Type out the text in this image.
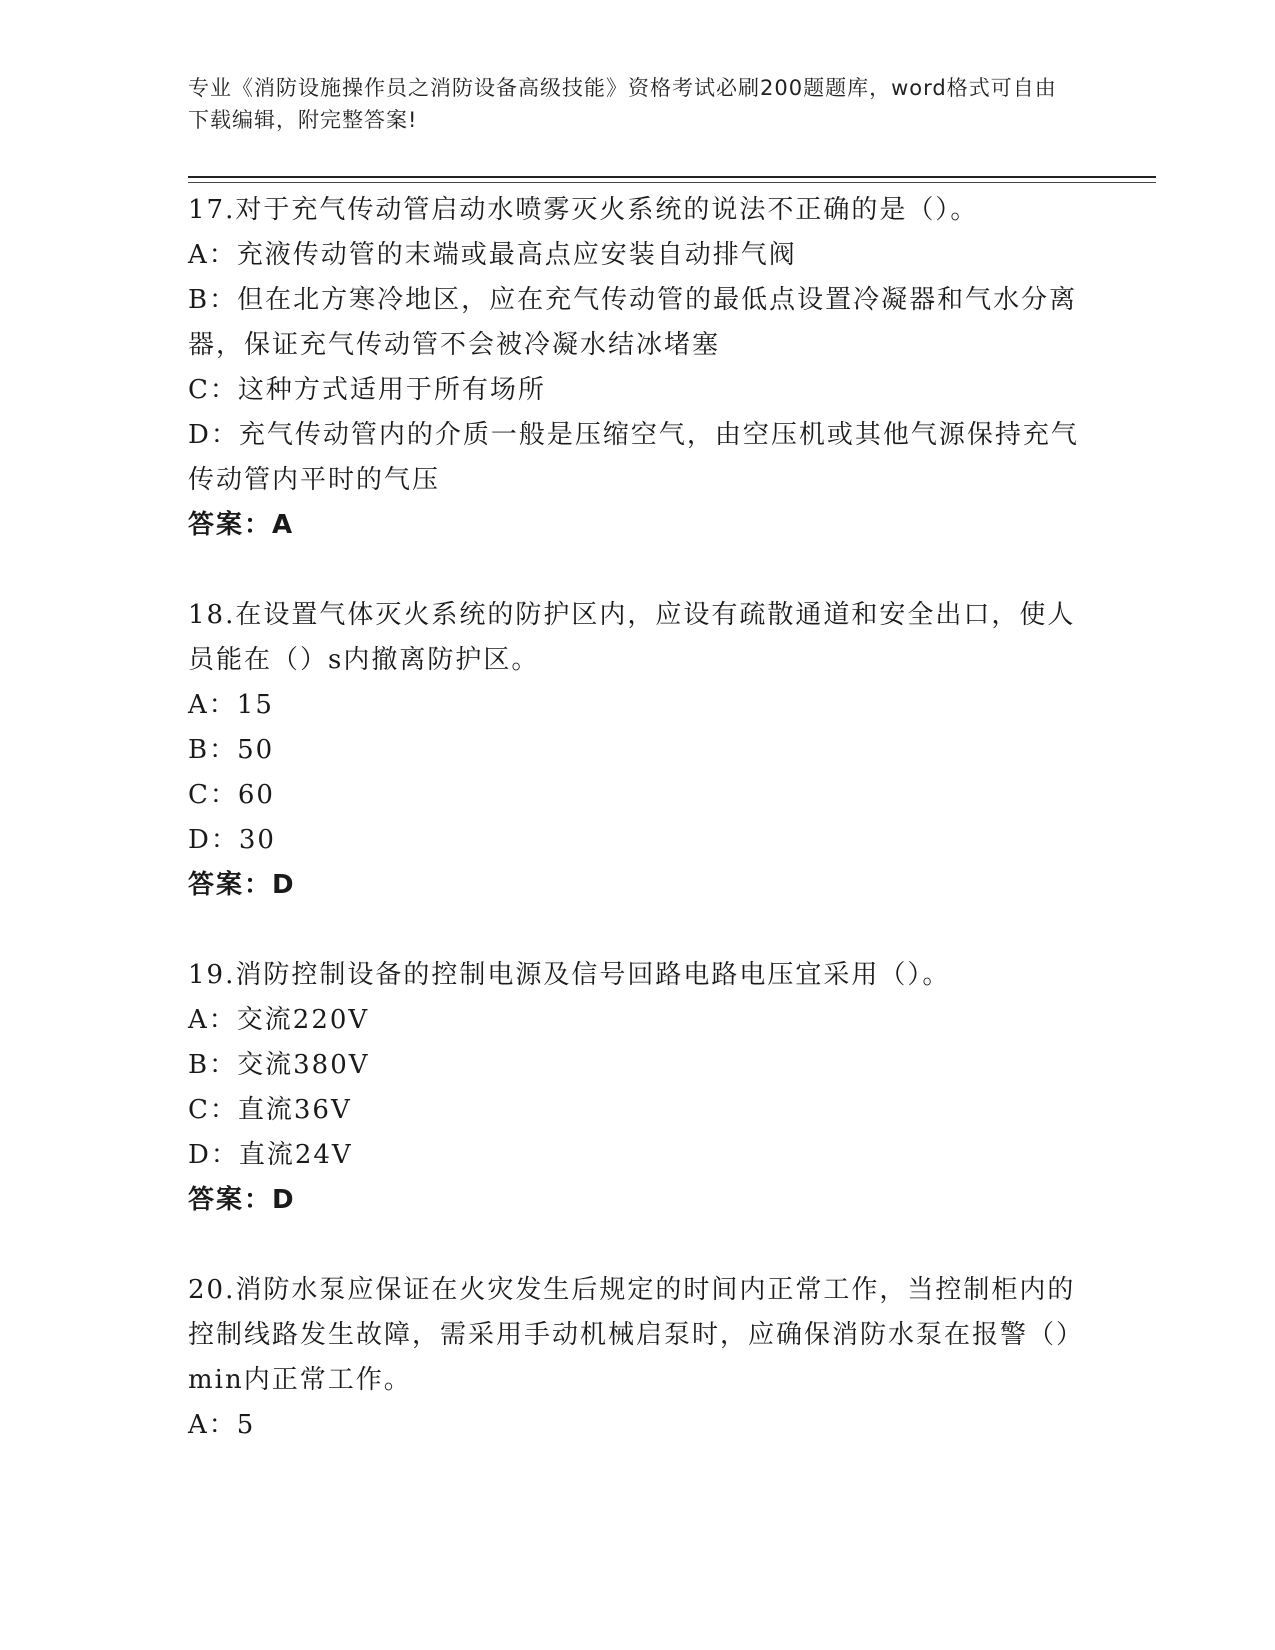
专业《消防设施操作员之消防设备高级技能》资格考试必刷200题题库，word格式可自由下载编辑，附完整答案!

17.对于充气传动管启动水喷雾灭火系统的说法不正确的是（）。

A：充液传动管的末端或最高点应安装自动排气阀

B：但在北方寒冷地区，应在充气传动管的最低点设置冷凝器和气水分离器，保证充气传动管不会被冷凝水结冰堵塞

C：这种方式适用于所有场所

D：充气传动管内的介质一般是压缩空气，由空压机或其他气源保持充气传动管内平时的气压

答案：A

18.在设置气体灭火系统的防护区内，应设有疏散通道和安全出口，使人员能在（）s内撤离防护区。

A：15

B：50

C：60

D：30

答案：D

19.消防控制设备的控制电源及信号回路电路电压宜采用（）。

A：交流220V

B：交流380V

C：直流36V

D：直流24V

答案：D

20.消防水泵应保证在火灾发生后规定的时间内正常工作，当控制柜内的控制线路发生故障，需采用手动机械启泵时，应确保消防水泵在报警（）min内正常工作。

A：5
